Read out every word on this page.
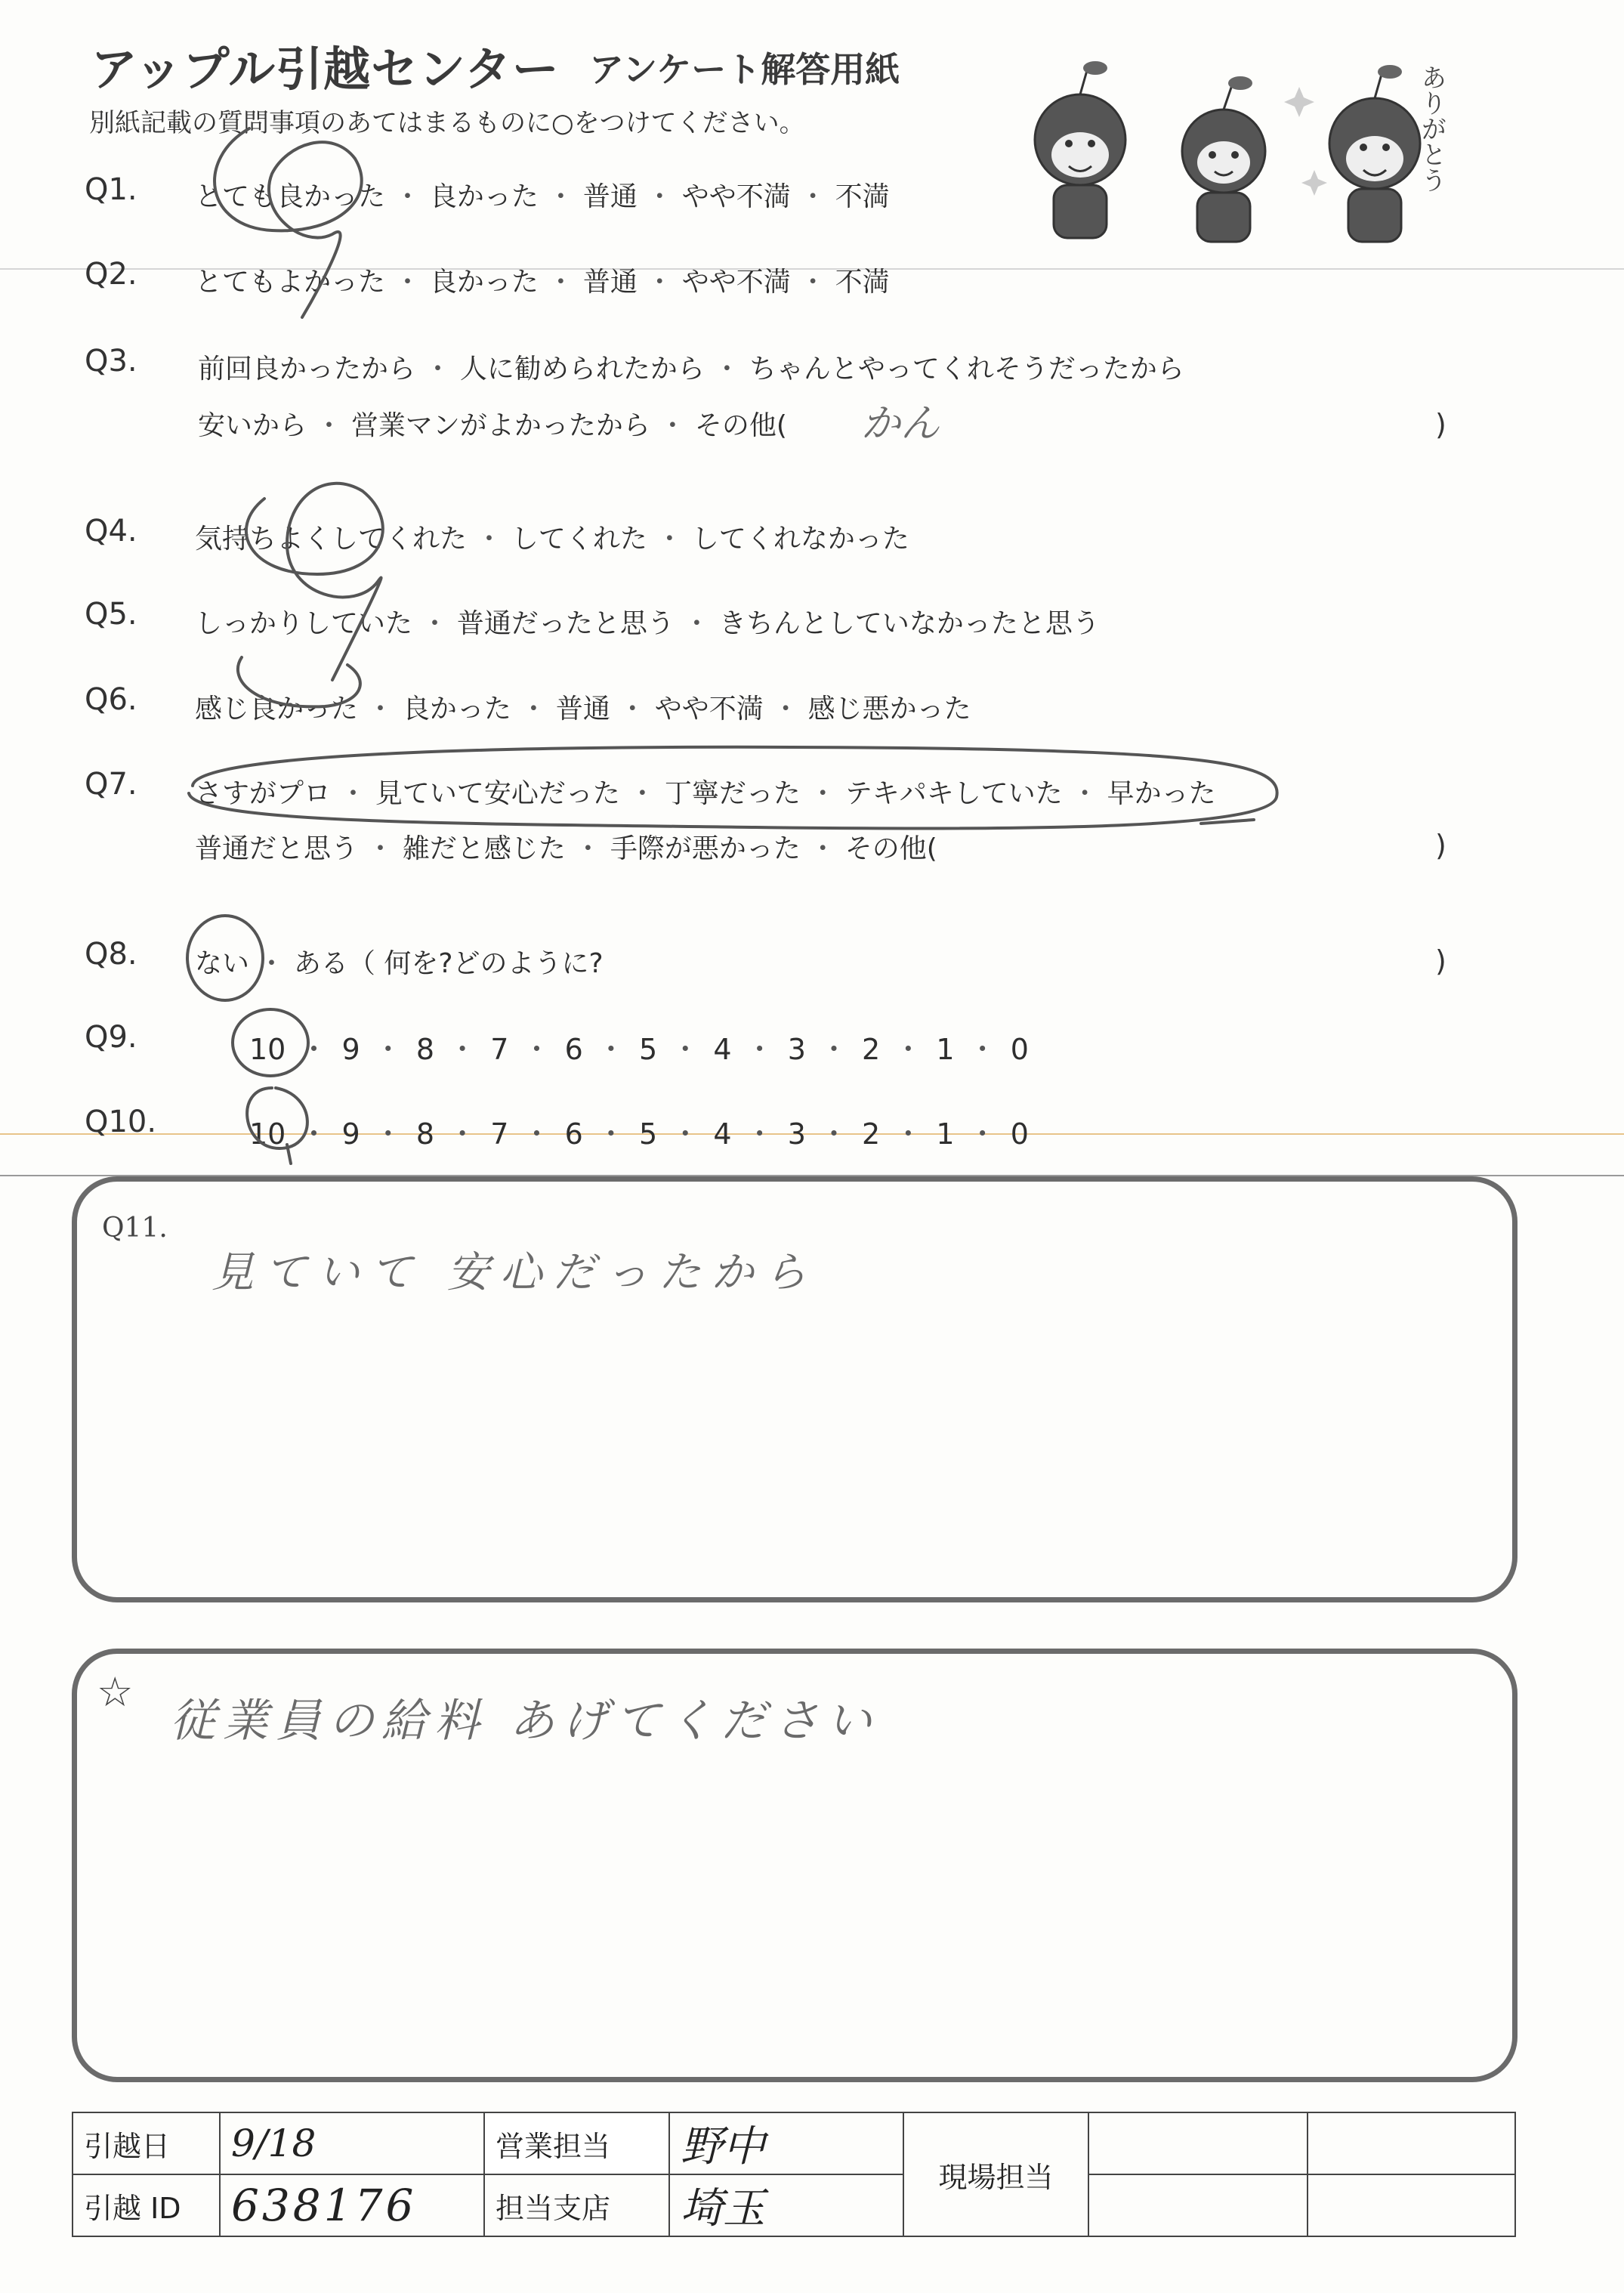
アップル引越センター アンケート解答用紙
別紙記載の質問事項のあてはまるものに○をつけてください。	ありがとう
Q1. とても良かった ・ 良かった ・ 普通 ・ やや不満 ・ 不満
Q2. とてもよかった ・ 良かった ・ 普通 ・ やや不満 ・ 不満
Q3. 前回良かったから ・ 人に勧められたから ・ ちゃんとやってくれそうだったから
安いから ・ 営業マンがよかったから ・ その他( かん	)
Q4. 気持ちよくしてくれた ・ してくれた ・ してくれなかった
Q5. しっかりしていた ・ 普通だったと思う ・ きちんとしていなかったと思う
Q6. 感じ良かった ・ 良かった ・ 普通 ・ やや不満 ・ 感じ悪かった
Q7. さすがプロ ・ 見ていて安心だった ・ 丁寧だった ・ テキパキしていた ・ 早かった
普通だと思う ・ 雑だと感じた ・ 手際が悪かった ・ その他(	)
Q8. ない ・ ある（ 何を?どのように?	)
Q9.	10 ・ 9 ・ 8 ・ 7 ・ 6 ・ 5 ・ 4 ・ 3 ・ 2 ・ 1 ・ 0
Q10.	10 ・ 9 ・ 8 ・ 7 ・ 6 ・ 5 ・ 4 ・ 3 ・ 2 ・ 1 ・ 0
Q11.
見ていて 安心だったから
☆
従業員の給料 あげてください
引越日	9/18	営業担当	野中	現場担当		
引越 ID	638176	担当支店	埼玉			
